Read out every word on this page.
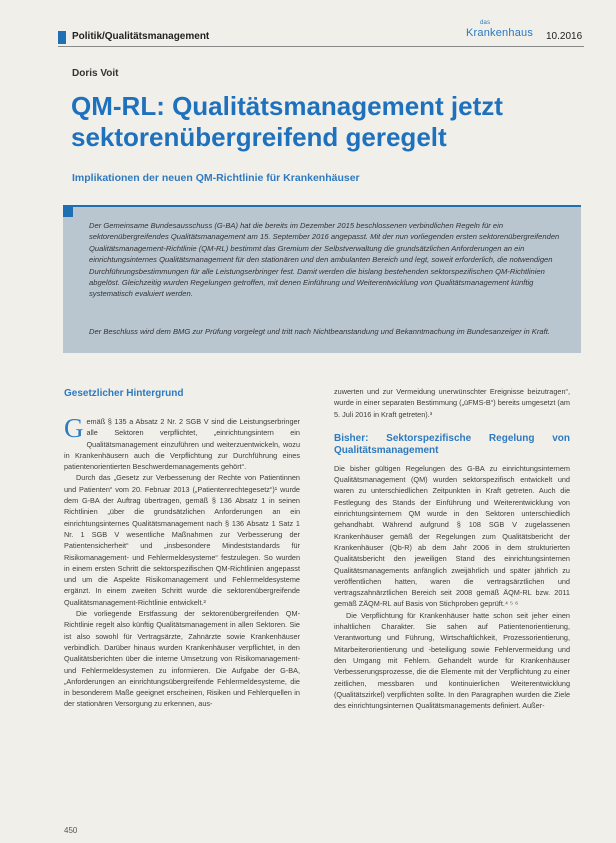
Politik/Qualitätsmanagement
das
Krankenhaus 10.2016
Doris Voit
QM-RL: Qualitätsmanagement jetzt sektorenübergreifend geregelt
Implikationen der neuen QM-Richtlinie für Krankenhäuser

Der Gemeinsame Bundesausschuss (G-BA) hat die bereits im Dezember 2015 beschlossenen verbindlichen Regeln für ein sektorenübergreifendes Qualitätsmanagement am 15. September 2016 angepasst. Mit der nun vorliegenden ersten sektorenübergreifenden Qualitätsmanagement-Richtlinie (QM-RL) bestimmt das Gremium der Selbstverwaltung die grundsätzlichen Anforderungen an ein einrichtungsinternes Qualitätsmanagement für den stationären und den ambulanten Bereich und legt, soweit erforderlich, die notwendigen Durchführungsbestimmungen für alle Leistungserbringer fest. Damit werden die bislang bestehenden sektorspezifischen QM-Richtlinien abgelöst. Gleichzeitig wurden Regelungen getroffen, mit denen Einführung und Weiterentwicklung von Qualitätsmanagement künftig systematisch evaluiert werden.

Der Beschluss wird dem BMG zur Prüfung vorgelegt und tritt nach Nichtbeanstandung und Bekanntmachung im Bundesanzeiger in Kraft.

Gesetzlicher Hintergrund

Gemäß § 135 a Absatz 2 Nr. 2 SGB V sind die Leistungserbringer alle Sektoren verpflichtet, „einrichtungsintern ein Qualitätsmanagement einzuführen und weiterzuentwickeln, wozu in Krankenhäusern auch die Verpflichtung zur Durchführung eines patientenorientierten Beschwerdemanagements gehört“.

Durch das „Gesetz zur Verbesserung der Rechte von Patientinnen und Patienten“ vom 20. Februar 2013 („Patientenrechtegesetz“)¹ wurde dem G-BA der Auftrag übertragen, gemäß § 136 Absatz 1 in seinen Richtlinien „über die grundsätzlichen Anforderungen an ein einrichtungsinternes Qualitätsmanagement nach § 136 Absatz 1 Satz 1 Nr. 1 SGB V wesentliche Maßnahmen zur Verbesserung der Patientensicherheit“ und „insbesondere Mindeststandards für Risikomanagement- und Fehlermeldesysteme“ festzulegen. So wurden in einem ersten Schritt die sektorspezifischen QM-Richtlinien angepasst und um die Aspekte Risikomanagement und Fehlermeldesysteme ergänzt. In einem zweiten Schritt wurde die sektorenübergreifende Qualitätsmanagement-Richtlinie entwickelt.²

Die vorliegende Erstfassung der sektorenübergreifenden QM-Richtlinie regelt also künftig Qualitätsmanagement in allen Sektoren. Sie ist also sowohl für Vertragsärzte, Zahnärzte sowie Krankenhäuser verbindlich. Darüber hinaus wurden Krankenhäuser verpflichtet, in den Qualitätsberichten über die interne Umsetzung von Risikomanagement- und Fehlermeldesystemen zu informieren. Die Aufgabe der G-BA, „Anforderungen an einrichtungsübergreifende Fehlermeldesysteme, die in besonderem Maße geeignet erscheinen, Risiken und Fehlerquellen in der stationären Versorgung zu erkennen, aus-

zuwerten und zur Vermeidung unerwünschter Ereignisse beizutragen“, wurde in einer separaten Bestimmung („üFMS-B“) bereits umgesetzt (am 5. Juli 2016 in Kraft getreten).³

Bisher: Sektorspezifische Regelung von Qualitätsmanagement

Die bisher gültigen Regelungen des G-BA zu einrichtungsinternem Qualitätsmanagement (QM) wurden sektorspezifisch entwickelt und waren zu unterschiedlichen Zeitpunkten in Kraft getreten. Auch die Festlegung des Stands der Einführung und Weiterentwicklung von einrichtungsinternem QM wurde in den Sektoren unterschiedlich gehandhabt. Während aufgrund § 108 SGB V zugelassenen Krankenhäuser gemäß der Regelungen zum Qualitätsbericht der Krankenhäuser (Qb-R) ab dem Jahr 2006 in dem strukturierten Qualitätsbericht den jeweiligen Stand des einrichtungsinternen Qualitätsmanagements anfänglich zweijährlich und später jährlich zu veröffentlichen hatten, waren die vertragsärztlichen und vertragszahnärztlichen Bereich seit 2008 gemäß ÄQM-RL bzw. 2011 gemäß ZÄQM-RL auf Basis von Stichproben geprüft.⁴ ⁵ ⁶

Die Verpflichtung für Krankenhäuser hatte schon seit jeher einen inhaltlichen Charakter. Sie sahen auf Patientenorientierung, Verantwortung und Führung, Wirtschaftlichkeit, Prozessorientierung, Mitarbeiterorientierung und -beteiligung sowie Fehlervermeidung und den Umgang mit Fehlern. Gehandelt wurde für Krankenhäuser Verbesserungsprozesse, die die Elemente mit der Verpflichtung zu einer zeitlichen, messbaren und kontinuierlichen Weiterentwicklung (Qualitätszirkel) verpflichten sollte. In den Paragraphen wurden die Ziele des einrichtungsinternen Qualitätsmanagements definiert. Außer-

450
